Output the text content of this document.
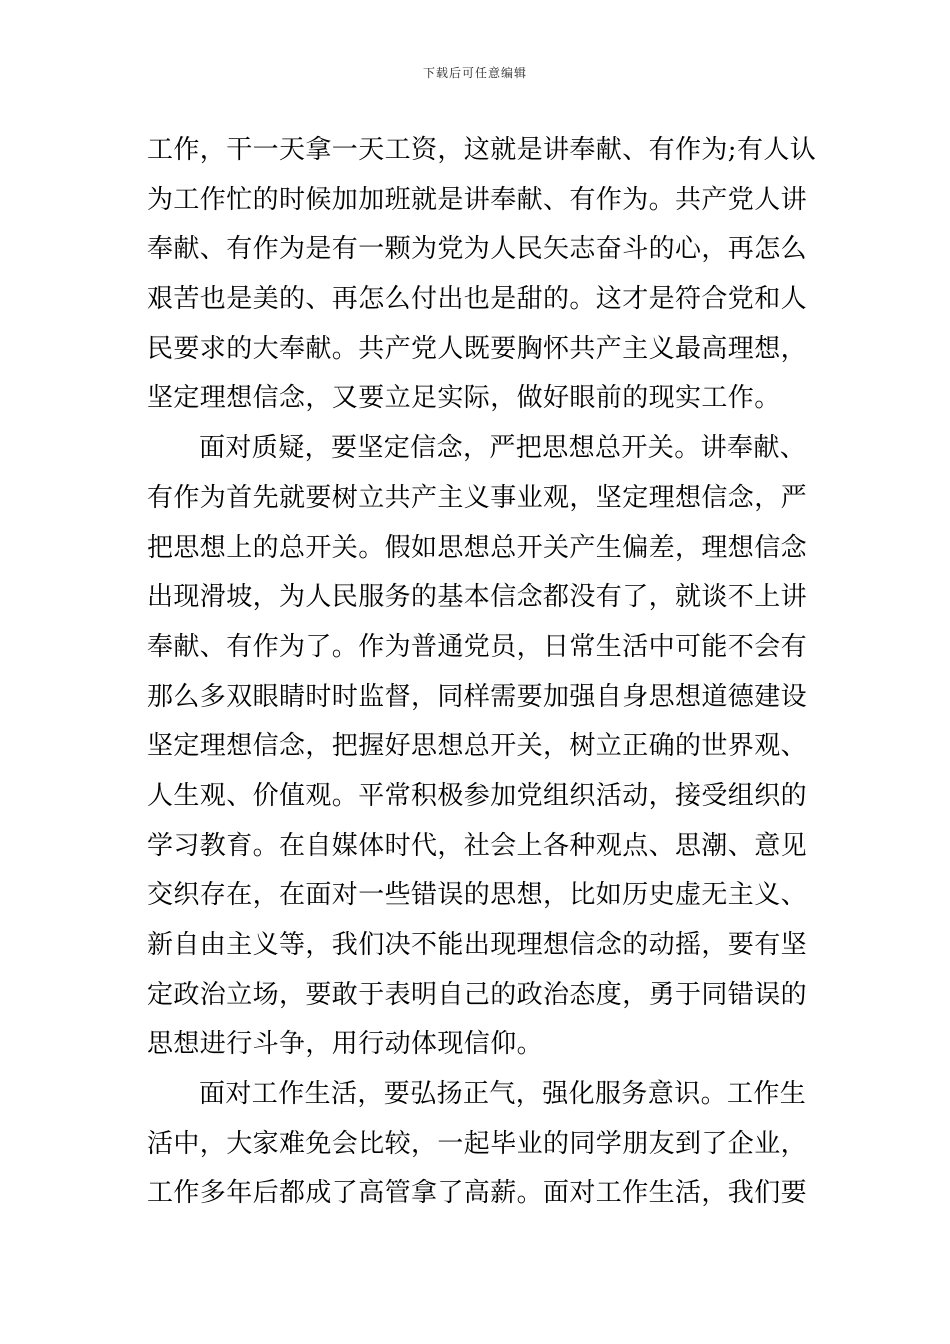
下载后可任意编辑
工作，干一天拿一天工资，这就是讲奉献、有作为;有人认
为工作忙的时候加加班就是讲奉献、有作为。共产党人讲
奉献、有作为是有一颗为党为人民矢志奋斗的心，再怎么
艰苦也是美的、再怎么付出也是甜的。这才是符合党和人
民要求的大奉献。共产党人既要胸怀共产主义最高理想，
坚定理想信念，又要立足实际，做好眼前的现实工作。
面对质疑，要坚定信念，严把思想总开关。讲奉献、
有作为首先就要树立共产主义事业观，坚定理想信念，严
把思想上的总开关。假如思想总开关产生偏差，理想信念
出现滑坡，为人民服务的基本信念都没有了，就谈不上讲
奉献、有作为了。作为普通党员，日常生活中可能不会有
那么多双眼睛时时监督，同样需要加强自身思想道德建设
坚定理想信念，把握好思想总开关，树立正确的世界观、
人生观、价值观。平常积极参加党组织活动，接受组织的
学习教育。在自媒体时代，社会上各种观点、思潮、意见
交织存在，在面对一些错误的思想，比如历史虚无主义、
新自由主义等，我们决不能出现理想信念的动摇，要有坚
定政治立场，要敢于表明自己的政治态度，勇于同错误的
思想进行斗争，用行动体现信仰。
面对工作生活，要弘扬正气，强化服务意识。工作生
活中，大家难免会比较，一起毕业的同学朋友到了企业，
工作多年后都成了高管拿了高薪。面对工作生活，我们要
